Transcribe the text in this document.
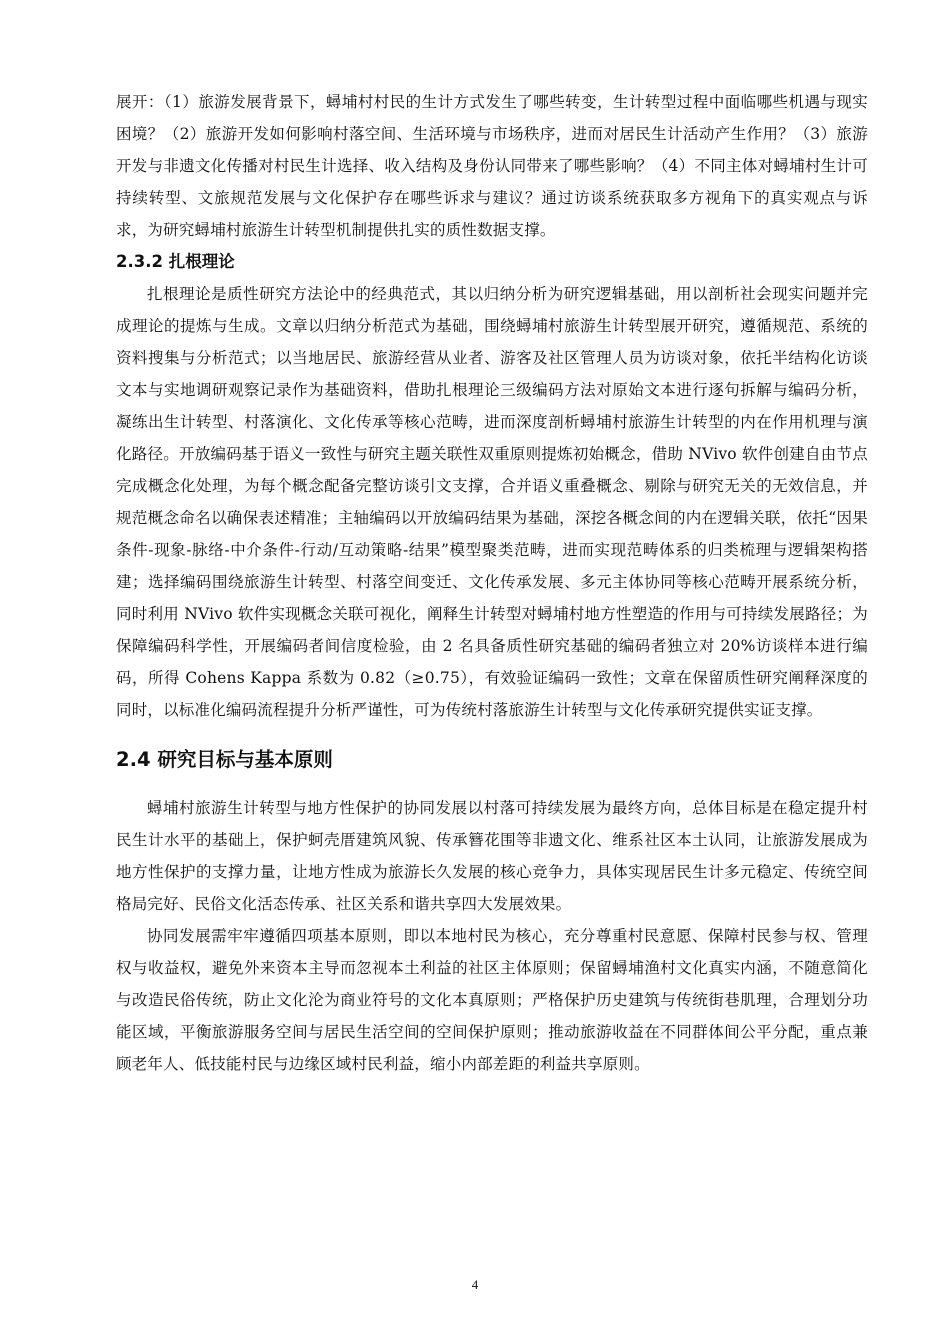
展开：（1）旅游发展背景下，蟳埔村村民的生计方式发生了哪些转变，生计转型过程中面临哪些机遇与现实困境？（2）旅游开发如何影响村落空间、生活环境与市场秩序，进而对居民生计活动产生作用？（3）旅游开发与非遗文化传播对村民生计选择、收入结构及身份认同带来了哪些影响？（4）不同主体对蟳埔村生计可持续转型、文旅规范发展与文化保护存在哪些诉求与建议？通过访谈系统获取多方视角下的真实观点与诉求，为研究蟳埔村旅游生计转型机制提供扎实的质性数据支撑。

2.3.2 扎根理论

扎根理论是质性研究方法论中的经典范式，其以归纳分析为研究逻辑基础，用以剖析社会现实问题并完成理论的提炼与生成。文章以归纳分析范式为基础，围绕蟳埔村旅游生计转型展开研究，遵循规范、系统的资料搜集与分析范式；以当地居民、旅游经营从业者、游客及社区管理人员为访谈对象，依托半结构化访谈文本与实地调研观察记录作为基础资料，借助扎根理论三级编码方法对原始文本进行逐句拆解与编码分析，凝练出生计转型、村落演化、文化传承等核心范畴，进而深度剖析蟳埔村旅游生计转型的内在作用机理与演化路径。开放编码基于语义一致性与研究主题关联性双重原则提炼初始概念，借助 NVivo 软件创建自由节点完成概念化处理，为每个概念配备完整访谈引文支撑，合并语义重叠概念、剔除与研究无关的无效信息，并规范概念命名以确保表述精准；主轴编码以开放编码结果为基础，深挖各概念间的内在逻辑关联，依托“因果条件-现象-脉络-中介条件-行动/互动策略-结果”模型聚类范畴，进而实现范畴体系的归类梳理与逻辑架构搭建；选择编码围绕旅游生计转型、村落空间变迁、文化传承发展、多元主体协同等核心范畴开展系统分析，同时利用 NVivo 软件实现概念关联可视化，阐释生计转型对蟳埔村地方性塑造的作用与可持续发展路径；为保障编码科学性，开展编码者间信度检验，由 2 名具备质性研究基础的编码者独立对 20%访谈样本进行编码，所得 Cohens Kappa 系数为 0.82（≥0.75），有效验证编码一致性；文章在保留质性研究阐释深度的同时，以标准化编码流程提升分析严谨性，可为传统村落旅游生计转型与文化传承研究提供实证支撑。

2.4 研究目标与基本原则

蟳埔村旅游生计转型与地方性保护的协同发展以村落可持续发展为最终方向，总体目标是在稳定提升村民生计水平的基础上，保护蚵壳厝建筑风貌、传承簪花围等非遗文化、维系社区本土认同，让旅游发展成为地方性保护的支撑力量，让地方性成为旅游长久发展的核心竞争力，具体实现居民生计多元稳定、传统空间格局完好、民俗文化活态传承、社区关系和谐共享四大发展效果。

协同发展需牢牢遵循四项基本原则，即以本地村民为核心，充分尊重村民意愿、保障村民参与权、管理权与收益权，避免外来资本主导而忽视本土利益的社区主体原则；保留蟳埔渔村文化真实内涵，不随意简化与改造民俗传统，防止文化沦为商业符号的文化本真原则；严格保护历史建筑与传统街巷肌理，合理划分功能区域，平衡旅游服务空间与居民生活空间的空间保护原则；推动旅游收益在不同群体间公平分配，重点兼顾老年人、低技能村民与边缘区域村民利益，缩小内部差距的利益共享原则。

4
